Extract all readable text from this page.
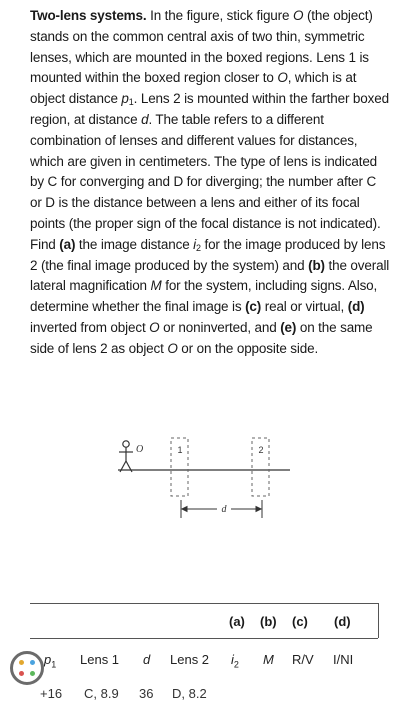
Two-lens systems. In the figure, stick figure O (the object) stands on the common central axis of two thin, symmetric lenses, which are mounted in the boxed regions. Lens 1 is mounted within the boxed region closer to O, which is at object distance $p_1$. Lens 2 is mounted within the farther boxed region, at distance d. The table refers to a different combination of lenses and different values for distances, which are given in centimeters. The type of lens is indicated by C for converging and D for diverging; the number after C or D is the distance between a lens and either of its focal points (the proper sign of the focal distance is not indicated). Find (a) the image distance $i_2$ for the image produced by lens 2 (the final image produced by the system) and (b) the overall lateral magnification M for the system, including signs. Also, determine whether the final image is (c) real or virtual, (d) inverted from object O or noninverted, and (e) on the same side of lens 2 as object O or on the opposite side.
O	1	2
d
(a) (b) (c) (d)
$p_1$ Lens 1 d Lens 2 $i_2$ M R/V I/NI
+16 C, 8.9 36 D, 8.2
